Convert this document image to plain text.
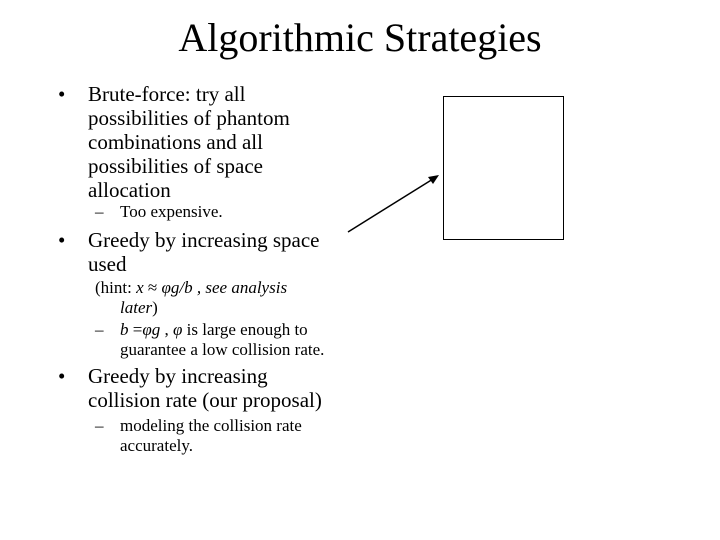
Algorithmic Strategies
• Brute-force: try all
possibilities of phantom
combinations and all
possibilities of space
allocation
– Too expensive.
• Greedy by increasing space
used
(hint: x ≈ φg/b , see analysis
later)
– b =φg , φ is large enough to
guarantee a low collision rate.
• Greedy by increasing
collision rate (our proposal)
– modeling the collision rate
accurately.
